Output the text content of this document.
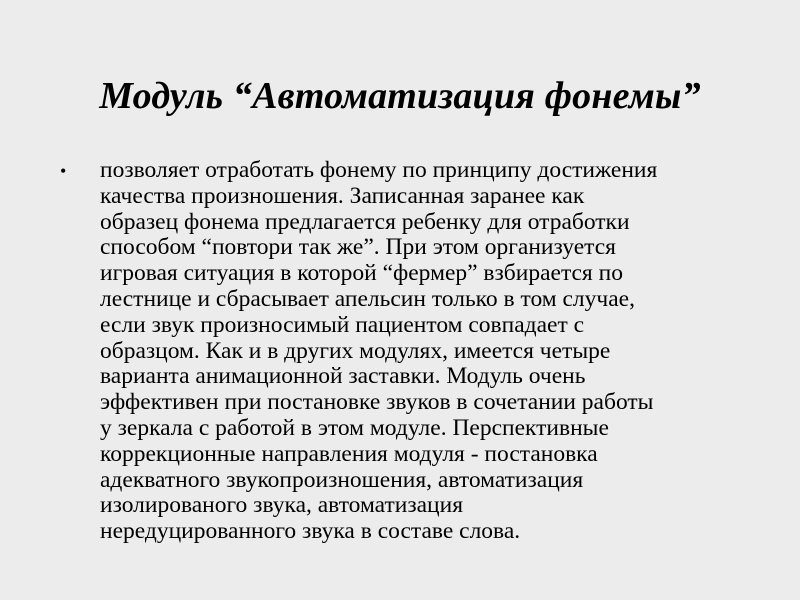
Модуль “Автоматизация фонемы”
•	позволяет отработать фонему по принципу достижения
качества произношения. Записанная заранее как
образец фонема предлагается ребенку для отработки
способом “повтори так же”. При этом организуется
игровая ситуация в которой “фермер” взбирается по
лестнице и сбрасывает апельсин только в том случае,
если звук произносимый пациентом совпадает с
образцом. Как и в других модулях, имеется четыре
варианта анимационной заставки. Модуль очень
эффективен при постановке звуков в сочетании работы
у зеркала с работой в этом модуле. Перспективные
коррекционные направления модуля - постановка
адекватного звукопроизношения, автоматизация
изолированого звука, автоматизация
нередуцированного звука в составе слова.
